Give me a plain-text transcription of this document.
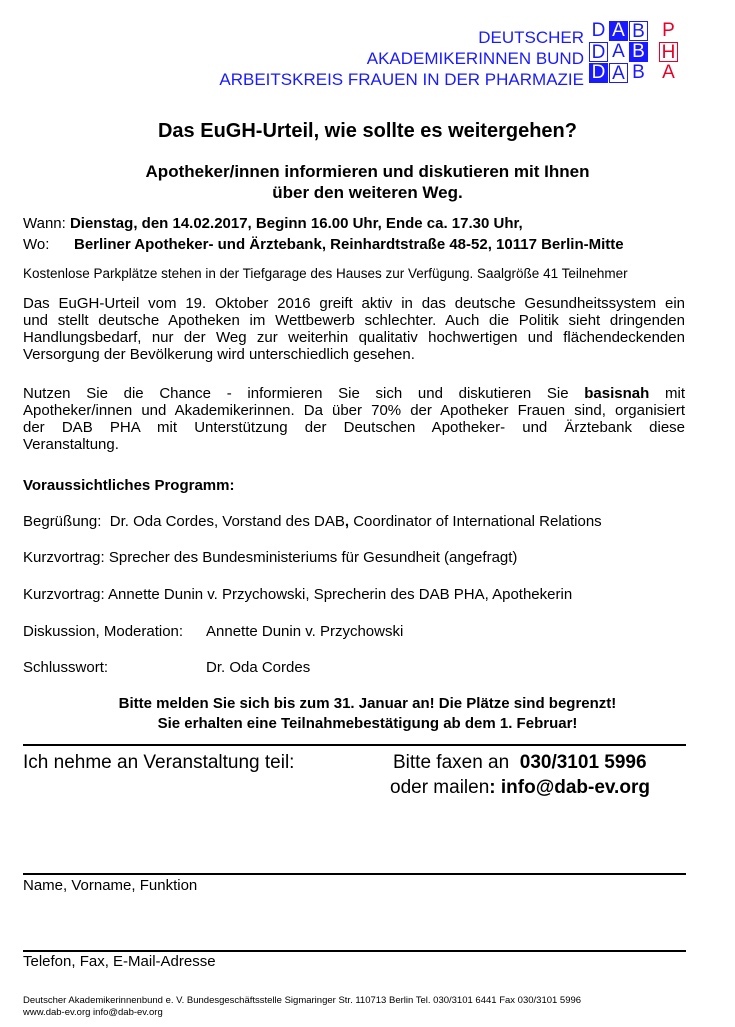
DEUTSCHER
AKADEMIKERINNEN BUND
ARBEITSKREIS FRAUEN IN DER PHARMAZIE
D A B P
D A B H
D A B A
Das EuGH-Urteil, wie sollte es weitergehen?
Apotheker/innen informieren und diskutieren mit Ihnen
über den weiteren Weg.
Wann: Dienstag, den 14.02.2017, Beginn 16.00 Uhr, Ende ca. 17.30 Uhr,
Wo: Berliner Apotheker- und Ärztebank, Reinhardtstraße 48-52, 10117 Berlin-Mitte
Kostenlose Parkplätze stehen in der Tiefgarage des Hauses zur Verfügung. Saalgröße 41 Teilnehmer
Das EuGH-Urteil vom 19. Oktober 2016 greift aktiv in das deutsche Gesundheitssystem ein
und stellt deutsche Apotheken im Wettbewerb schlechter. Auch die Politik sieht dringenden
Handlungsbedarf, nur der Weg zur weiterhin qualitativ hochwertigen und flächendeckenden
Versorgung der Bevölkerung wird unterschiedlich gesehen.
Nutzen Sie die Chance - informieren Sie sich und diskutieren Sie basisnah mit
Apotheker/innen und Akademikerinnen. Da über 70% der Apotheker Frauen sind, organisiert
der DAB PHA mit Unterstützung der Deutschen Apotheker- und Ärztebank diese
Veranstaltung.
Voraussichtliches Programm:
Begrüßung: Dr. Oda Cordes, Vorstand des DAB, Coordinator of International Relations
Kurzvortrag: Sprecher des Bundesministeriums für Gesundheit (angefragt)
Kurzvortrag: Annette Dunin v. Przychowski, Sprecherin des DAB PHA, Apothekerin
Diskussion, Moderation: Annette Dunin v. Przychowski
Schlusswort:	Dr. Oda Cordes
Bitte melden Sie sich bis zum 31. Januar an! Die Plätze sind begrenzt!
Sie erhalten eine Teilnahmebestätigung ab dem 1. Februar!
Ich nehme an Veranstaltung teil:	Bitte faxen an 030/3101 5996
oder mailen: info@dab-ev.org
Name, Vorname, Funktion
Telefon, Fax, E-Mail-Adresse
Deutscher Akademikerinnenbund e. V. Bundesgeschäftsstelle Sigmaringer Str. 110713 Berlin Tel. 030/3101 6441 Fax 030/3101 5996
www.dab-ev.org info@dab-ev.org
